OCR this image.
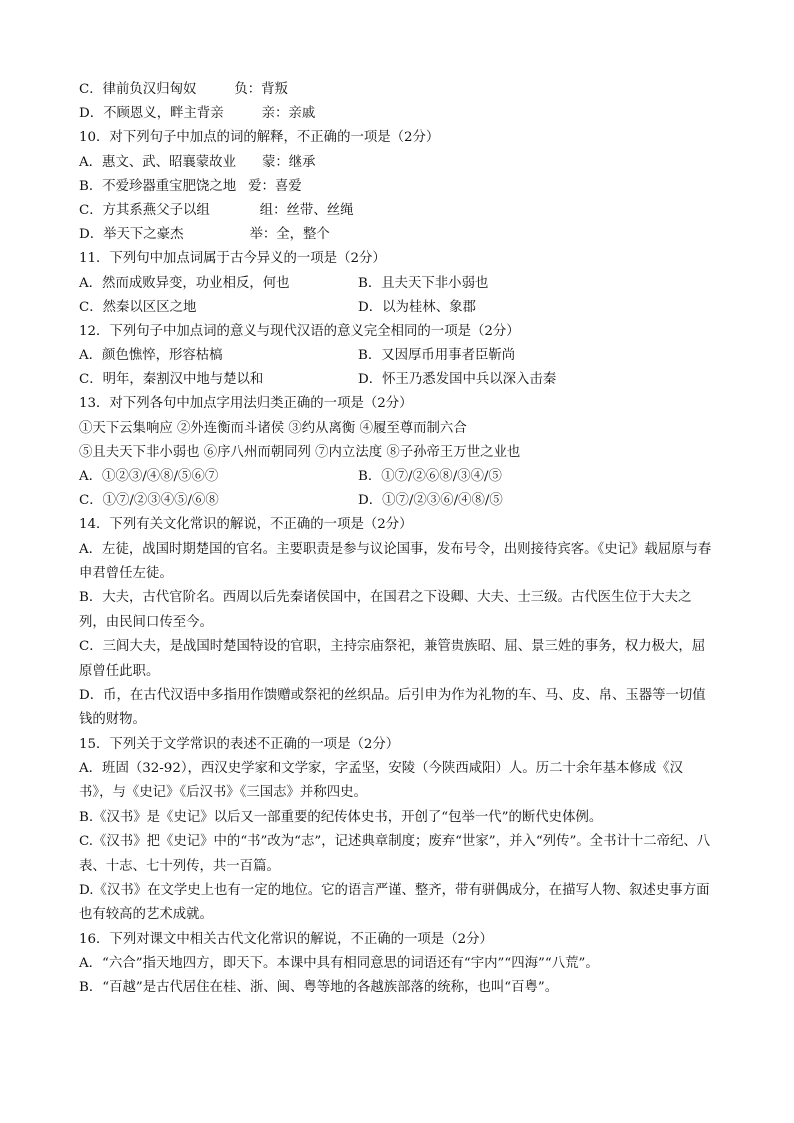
C．律前负汉归匈奴	负：背叛
D．不顾恩义，畔主背亲	亲：亲戚
10．对下列句子中加点的词的解释，不正确的一项是（2分）
A．惠文、武、昭襄蒙故业 蒙：继承
B．不爱珍器重宝肥饶之地 爱：喜爱
C．方其系燕父子以组	组：丝带、丝绳
D．举天下之豪杰	举：全，整个
11．下列句中加点词属于古今异义的一项是（2分）
A．然而成败异变，功业相反，何也	B．且夫天下非小弱也
C．然秦以区区之地	D．以为桂林、象郡
12．下列句子中加点词的意义与现代汉语的意义完全相同的一项是（2分）
A．颜色憔悴，形容枯槁	B．又因厚币用事者臣靳尚
C．明年，秦割汉中地与楚以和	D．怀王乃悉发国中兵以深入击秦
13．对下列各句中加点字用法归类正确的一项是（2分）
①天下云集响应 ②外连衡而斗诸侯 ③约从离衡 ④履至尊而制六合
⑤且夫天下非小弱也 ⑥序八州而朝同列 ⑦内立法度 ⑧子孙帝王万世之业也
A．①②③/④⑧/⑤⑥⑦	B．①⑦/②⑥⑧/③④/⑤
C．①⑦/②③④⑤/⑥⑧	D．①⑦/②③⑥/④⑧/⑤
14．下列有关文化常识的解说，不正确的一项是（2分）
A．左徒，战国时期楚国的官名。主要职责是参与议论国事，发布号令，出则接待宾客。《史记》载屈原与春申君曾任左徒。
B．大夫，古代官阶名。西周以后先秦诸侯国中，在国君之下设卿、大夫、士三级。古代医生位于大夫之列，由民间口传至今。
C．三闾大夫，是战国时楚国特设的官职，主持宗庙祭祀，兼管贵族昭、屈、景三姓的事务，权力极大，屈原曾任此职。
D．币，在古代汉语中多指用作馈赠或祭祀的丝织品。后引申为作为礼物的车、马、皮、帛、玉器等一切值钱的财物。
15．下列关于文学常识的表述不正确的一项是（2分）
A．班固（32-92），西汉史学家和文学家，字孟坚，安陵（今陕西咸阳）人。历二十余年基本修成《汉书》，与《史记》《后汉书》《三国志》并称四史。
B.《汉书》是《史记》以后又一部重要的纪传体史书，开创了“包举一代”的断代史体例。
C.《汉书》把《史记》中的“书”改为“志”，记述典章制度；废弃“世家”，并入“列传”。全书计十二帝纪、八表、十志、七十列传，共一百篇。
D.《汉书》在文学史上也有一定的地位。它的语言严谨、整齐，带有骈偶成分，在描写人物、叙述史事方面也有较高的艺术成就。
16．下列对课文中相关古代文化常识的解说，不正确的一项是（2分）
A．“六合”指天地四方，即天下。本课中具有相同意思的词语还有“宇内”“四海”“八荒”。
B．“百越”是古代居住在桂、浙、闽、粤等地的各越族部落的统称，也叫“百粤”。
